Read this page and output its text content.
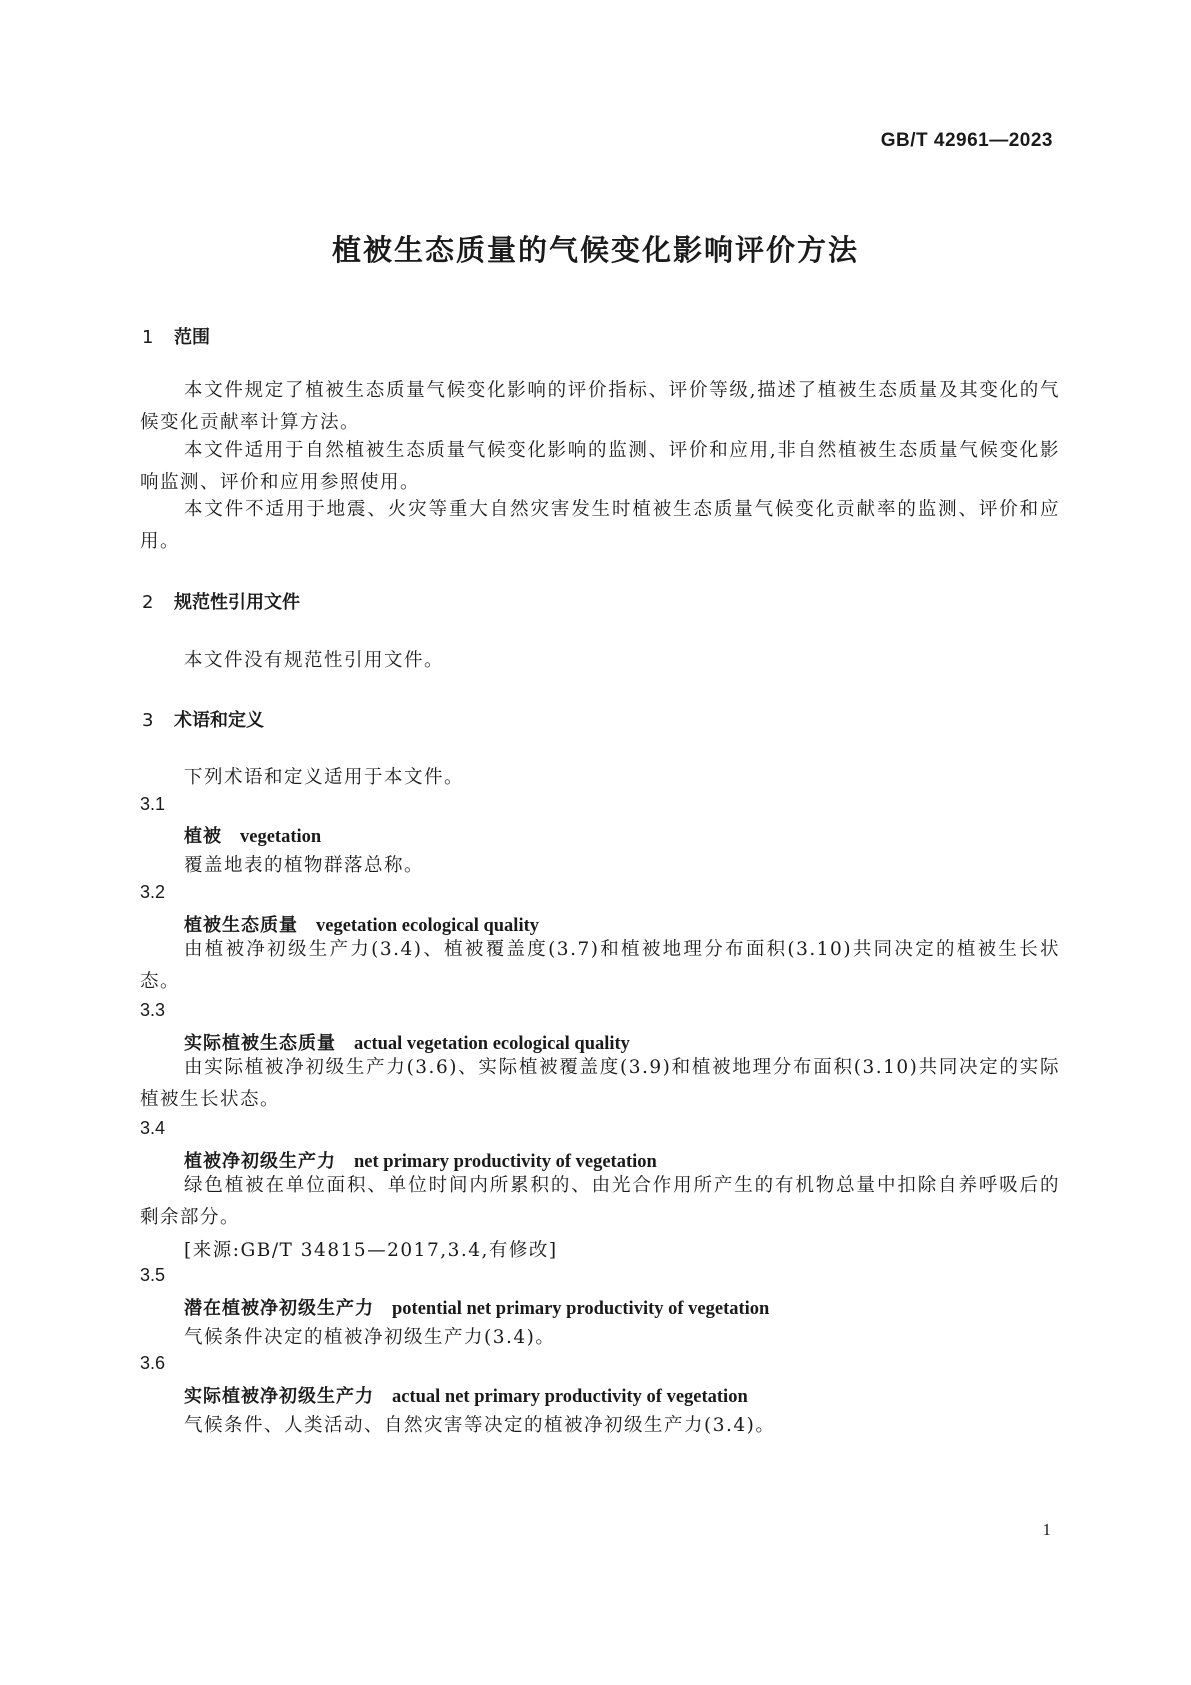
GB/T 42961—2023
植被生态质量的气候变化影响评价方法
1 范围
本文件规定了植被生态质量气候变化影响的评价指标、评价等级,描述了植被生态质量及其变化的气候变化贡献率计算方法。
本文件适用于自然植被生态质量气候变化影响的监测、评价和应用,非自然植被生态质量气候变化影响监测、评价和应用参照使用。
本文件不适用于地震、火灾等重大自然灾害发生时植被生态质量气候变化贡献率的监测、评价和应用。
2 规范性引用文件
本文件没有规范性引用文件。
3 术语和定义
下列术语和定义适用于本文件。
3.1
植被 vegetation
覆盖地表的植物群落总称。
3.2
植被生态质量 vegetation ecological quality
由植被净初级生产力(3.4)、植被覆盖度(3.7)和植被地理分布面积(3.10)共同决定的植被生长状态。
3.3
实际植被生态质量 actual vegetation ecological quality
由实际植被净初级生产力(3.6)、实际植被覆盖度(3.9)和植被地理分布面积(3.10)共同决定的实际植被生长状态。
3.4
植被净初级生产力 net primary productivity of vegetation
绿色植被在单位面积、单位时间内所累积的、由光合作用所产生的有机物总量中扣除自养呼吸后的剩余部分。
[来源:GB/T 34815—2017,3.4,有修改]
3.5
潜在植被净初级生产力 potential net primary productivity of vegetation
气候条件决定的植被净初级生产力(3.4)。
3.6
实际植被净初级生产力 actual net primary productivity of vegetation
气候条件、人类活动、自然灾害等决定的植被净初级生产力(3.4)。
1
